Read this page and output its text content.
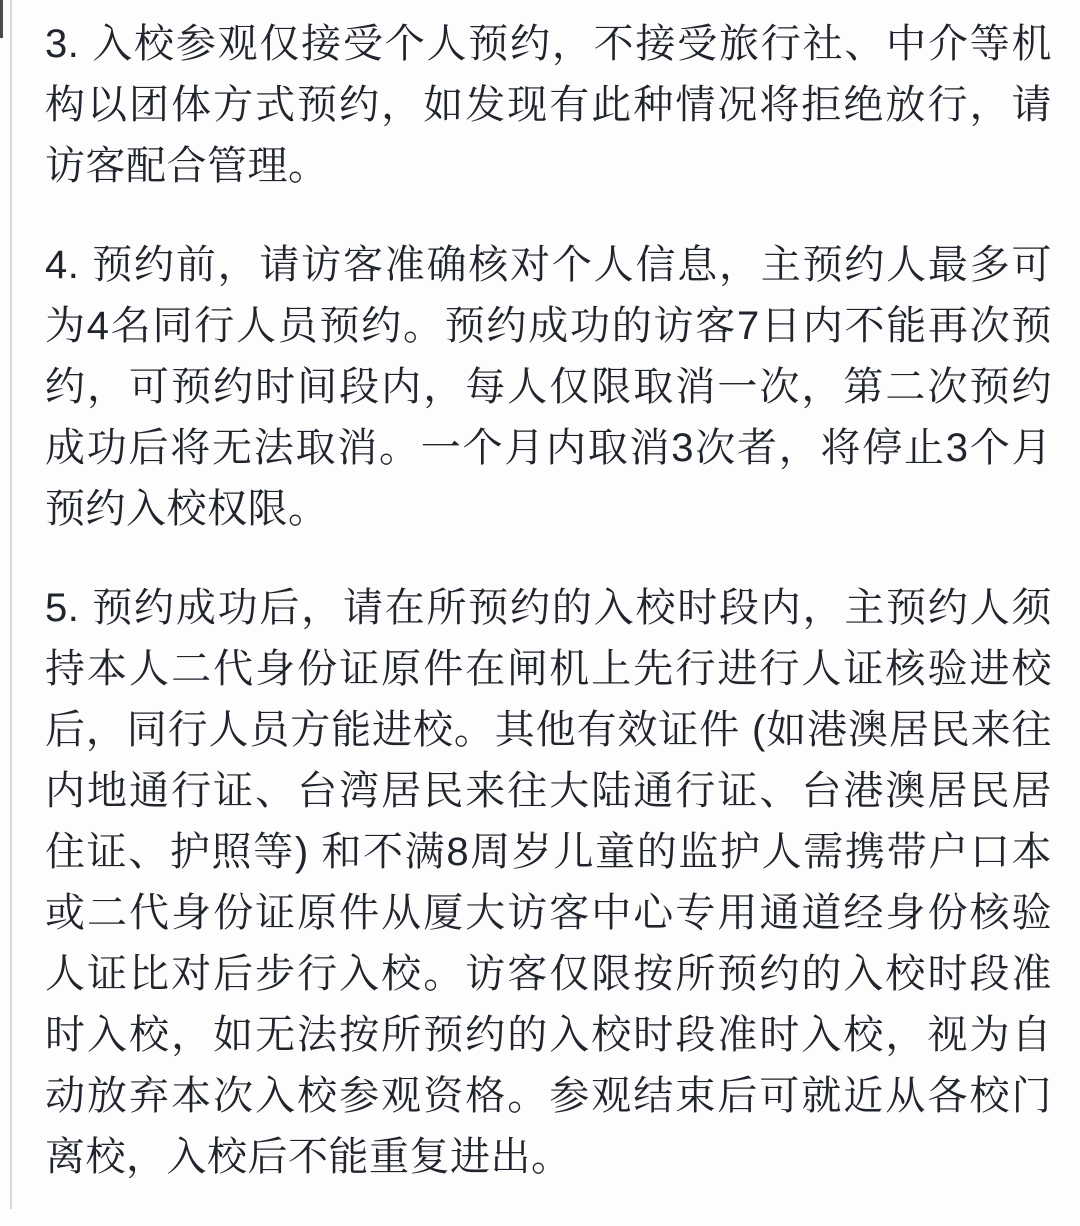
3. 入校参观仅接受个人预约，不接受旅行社、中介等机构以团体方式预约，如发现有此种情况将拒绝放行，请访客配合管理。

4. 预约前，请访客准确核对个人信息，主预约人最多可为4名同行人员预约。预约成功的访客7日内不能再次预约，可预约时间段内，每人仅限取消一次，第二次预约成功后将无法取消。一个月内取消3次者，将停止3个月预约入校权限。

5. 预约成功后，请在所预约的入校时段内，主预约人须持本人二代身份证原件在闸机上先行进行人证核验进校后，同行人员方能进校。其他有效证件 (如港澳居民来往内地通行证、台湾居民来往大陆通行证、台港澳居民居住证、护照等) 和不满8周岁儿童的监护人需携带户口本或二代身份证原件从厦大访客中心专用通道经身份核验人证比对后步行入校。访客仅限按所预约的入校时段准时入校，如无法按所预约的入校时段准时入校，视为自动放弃本次入校参观资格。参观结束后可就近从各校门离校，入校后不能重复进出。
